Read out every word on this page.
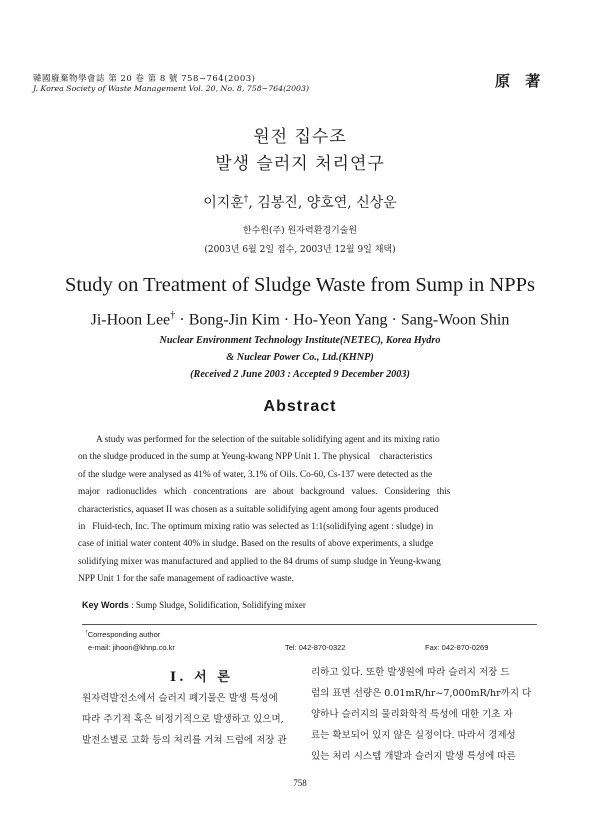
韓國廢棄物學會誌 第 20 卷 第 8 號 758~764(2003)
J. Korea Society of Waste Management Vol. 20, No. 8, 758~764(2003)	原 著
원전 집수조
발생 슬러지 처리연구
이지훈†, 김봉진, 양호연, 신상운
한수원(주) 원자력환경기술원
(2003년 6월 2일 접수, 2003년 12월 9일 채택)
Study on Treatment of Sludge Waste from Sump in NPPs
Ji-Hoon Lee† · Bong-Jin Kim · Ho-Yeon Yang · Sang-Woon Shin
Nuclear Environment Technology Institute(NETEC), Korea Hydro
& Nuclear Power Co., Ltd.(KHNP)
(Received 2 June 2003 : Accepted 9 December 2003)
Abstract
A study was performed for the selection of the suitable solidifying agent and its mixing ratio
on the sludge produced in the sump at Yeung-kwang NPP Unit 1. The physical    characteristics
of the sludge were analysed as 41% of water, 3.1% of Oils. Co-60, Cs-137 were detected as the
major   radionuclides   which   concentrations   are   about   background   values.   Considering   this
characteristics, aquaset II was chosen as a suitable solidifying agent among four agents produced
in   Fluid-tech, Inc. The optimum mixing ratio was selected as 1:1(solidifying agent : sludge) in
case of initial water content 40% in sludge. Based on the results of above experiments, a sludge
solidifying mixer was manufactured and applied to the 84 drums of sump sludge in Yeung-kwang
NPP Unit 1 for the safe management of radioactive waste.
Key Words : Sump Sludge, Solidification, Solidifying mixer
†Corresponding author
e-mail: jihoon@khnp.co.kr	Tel: 042-870-0322	Fax: 042-870-0269
Ⅰ. 서 론
원자력발전소에서 슬러지 폐기물은 발생 특성에
따라 주기적 혹은 비정기적으로 발생하고 있으며,
발전소별로 고화 등의 처리를 거쳐 드럼에 저장 관
리하고 있다. 또한 발생원에 따라 슬러지 저장 드
럼의 표면 선량은 0.01mR/hr~7,000mR/hr까지 다
양하나 슬러지의 물리화학적 특성에 대한 기초 자
료는 확보되어 있지 않은 실정이다. 따라서 경제성
있는 처리 시스템 개발과 슬러지 발생 특성에 따른
758
